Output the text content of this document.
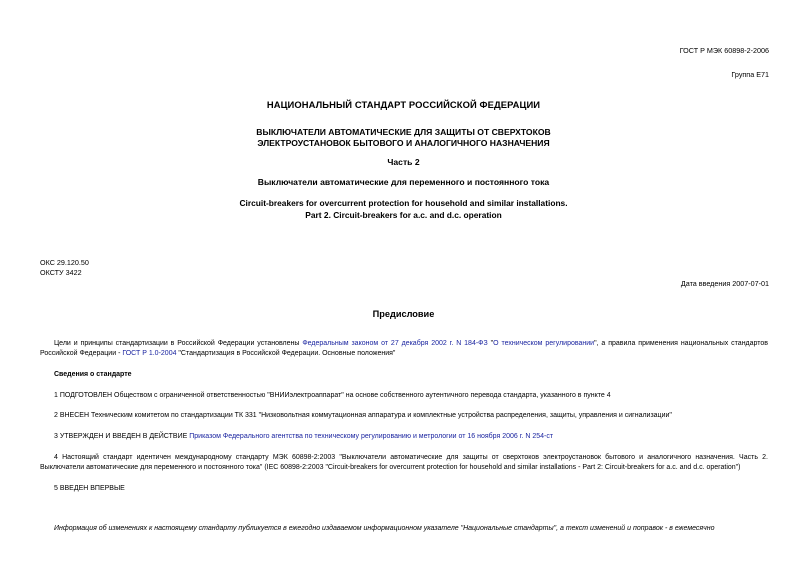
ГОСТ Р МЭК 60898-2-2006
Группа Е71
НАЦИОНАЛЬНЫЙ СТАНДАРТ РОССИЙСКОЙ ФЕДЕРАЦИИ
ВЫКЛЮЧАТЕЛИ АВТОМАТИЧЕСКИЕ ДЛЯ ЗАЩИТЫ ОТ СВЕРХТОКОВ
ЭЛЕКТРОУСТАНОВОК БЫТОВОГО И АНАЛОГИЧНОГО НАЗНАЧЕНИЯ
Часть 2
Выключатели автоматические для переменного и постоянного тока
Circuit-breakers for overcurrent protection for household and similar installations.
Part 2. Circuit-breakers for a.c. and d.c. operation
ОКС 29.120.50
ОКСТУ 3422
Дата введения 2007-07-01
Предисловие
Цели и принципы стандартизации в Российской Федерации установлены Федеральным законом от 27 декабря 2002 г. N 184-ФЗ "О техническом регулировании", а правила применения национальных стандартов Российской Федерации - ГОСТ Р 1.0-2004 "Стандартизация в Российской Федерации. Основные положения"
Сведения о стандарте
1 ПОДГОТОВЛЕН Обществом с ограниченной ответственностью "ВНИИэлектроаппарат" на основе собственного аутентичного перевода стандарта, указанного в пункте 4
2 ВНЕСЕН Техническим комитетом по стандартизации ТК 331 "Низковольтная коммутационная аппаратура и комплектные устройства распределения, защиты, управления и сигнализации"
3 УТВЕРЖДЕН И ВВЕДЕН В ДЕЙСТВИЕ Приказом Федерального агентства по техническому регулированию и метрологии от 16 ноября 2006 г. N 254-ст
4 Настоящий стандарт идентичен международному стандарту МЭК 60898-2:2003 "Выключатели автоматические для защиты от сверхтоков электроустановок бытового и аналогичного назначения. Часть 2. Выключатели автоматические для переменного и постоянного тока" (IEC 60898-2:2003 "Circuit-breakers for overcurrent protection for household and similar installations - Part 2: Circuit-breakers for a.c. and d.c. operation")
5 ВВЕДЕН ВПЕРВЫЕ
Информация об изменениях к настоящему стандарту публикуется в ежегодно издаваемом информационном указателе "Национальные стандарты", а текст изменений и поправок - в ежемесячно
